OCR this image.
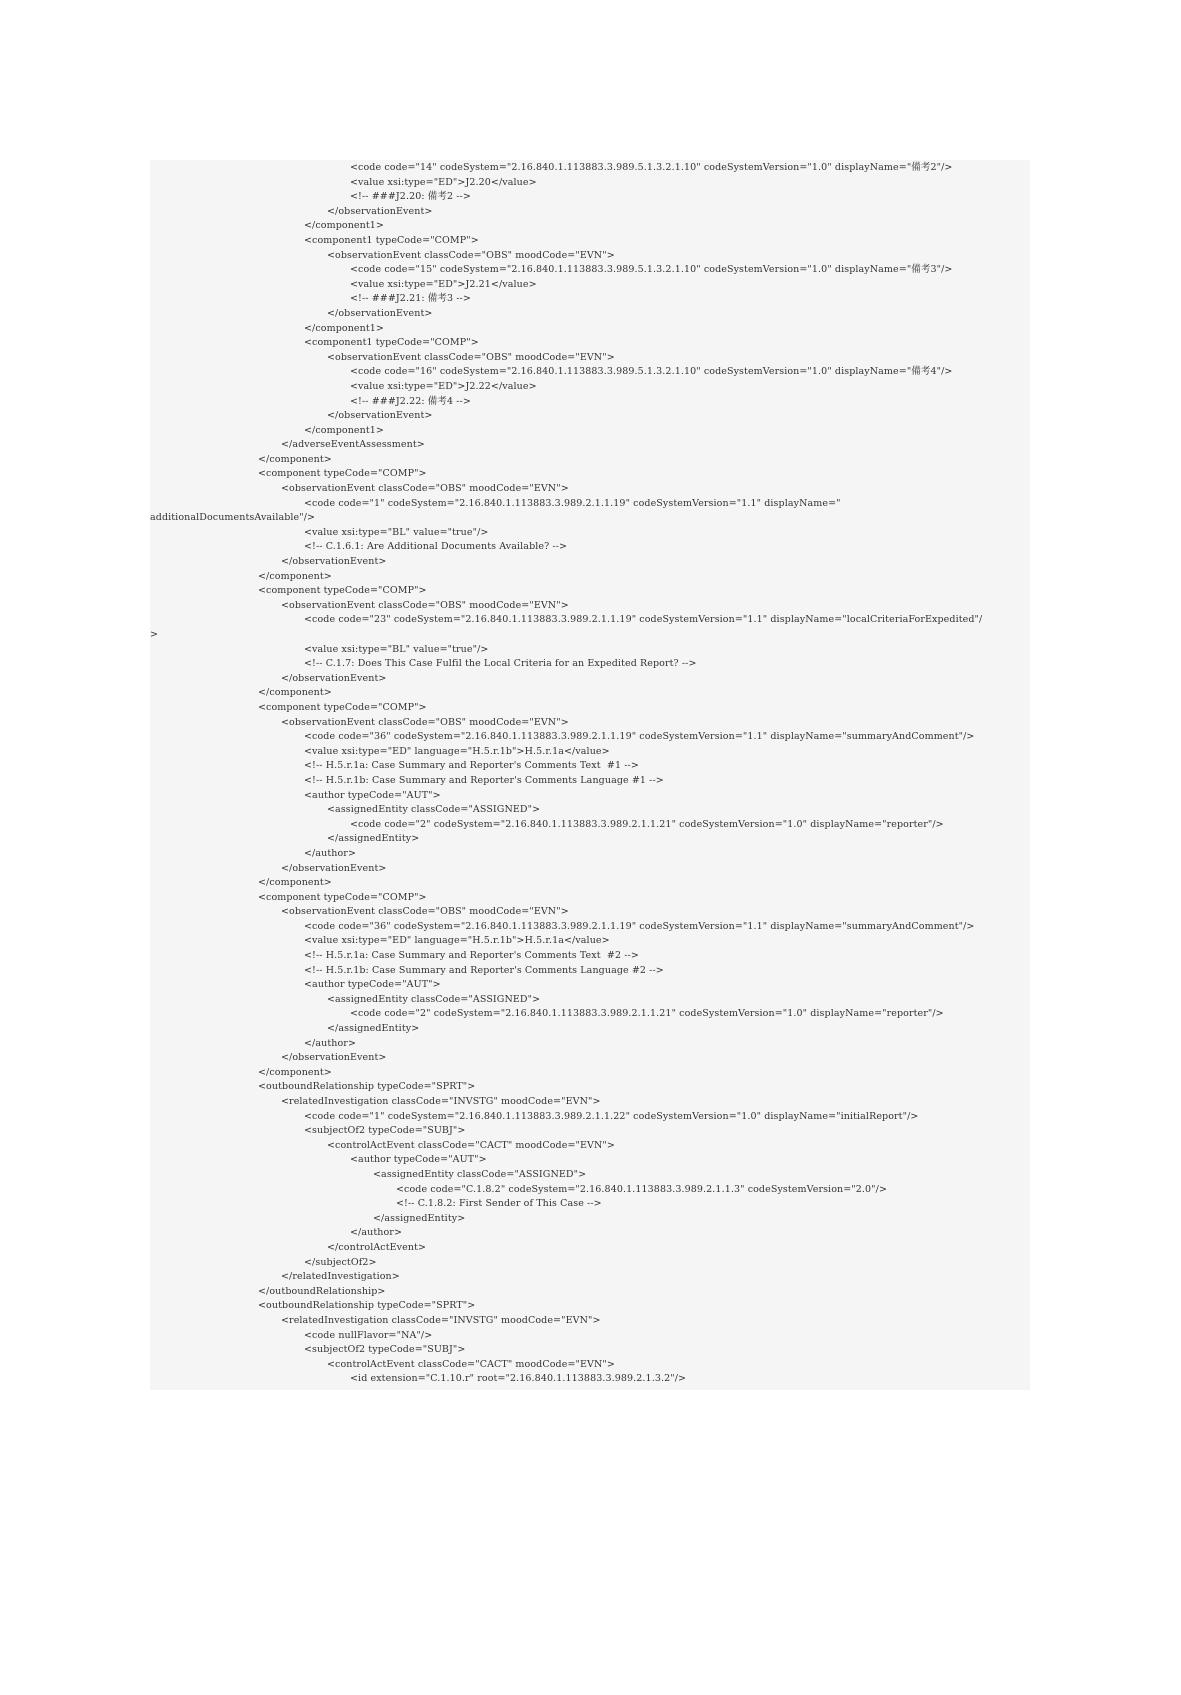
<code code="14" codeSystem="2.16.840.1.113883.3.989.5.1.3.2.1.10" codeSystemVersion="1.0" displayName="備考2"/>
<value xsi:type="ED">J2.20</value>
<!-- ###J2.20: 備考2 -->
</observationEvent>
</component1>
<component1 typeCode="COMP">
<observationEvent classCode="OBS" moodCode="EVN">
<code code="15" codeSystem="2.16.840.1.113883.3.989.5.1.3.2.1.10" codeSystemVersion="1.0" displayName="備考3"/>
<value xsi:type="ED">J2.21</value>
<!-- ###J2.21: 備考3 -->
</observationEvent>
</component1>
<component1 typeCode="COMP">
<observationEvent classCode="OBS" moodCode="EVN">
<code code="16" codeSystem="2.16.840.1.113883.3.989.5.1.3.2.1.10" codeSystemVersion="1.0" displayName="備考4"/>
<value xsi:type="ED">J2.22</value>
<!-- ###J2.22: 備考4 -->
</observationEvent>
</component1>
</adverseEventAssessment>
</component>
<component typeCode="COMP">
<observationEvent classCode="OBS" moodCode="EVN">
<code code="1" codeSystem="2.16.840.1.113883.3.989.2.1.1.19" codeSystemVersion="1.1" displayName="
additionalDocumentsAvailable"/>
<value xsi:type="BL" value="true"/>
<!-- C.1.6.1: Are Additional Documents Available? -->
</observationEvent>
</component>
<component typeCode="COMP">
<observationEvent classCode="OBS" moodCode="EVN">
<code code="23" codeSystem="2.16.840.1.113883.3.989.2.1.1.19" codeSystemVersion="1.1" displayName="localCriteriaForExpedited"/
>
<value xsi:type="BL" value="true"/>
<!-- C.1.7: Does This Case Fulfil the Local Criteria for an Expedited Report? -->
</observationEvent>
</component>
<component typeCode="COMP">
<observationEvent classCode="OBS" moodCode="EVN">
<code code="36" codeSystem="2.16.840.1.113883.3.989.2.1.1.19" codeSystemVersion="1.1" displayName="summaryAndComment"/>
<value xsi:type="ED" language="H.5.r.1b">H.5.r.1a</value>
<!-- H.5.r.1a: Case Summary and Reporter's Comments Text  #1 -->
<!-- H.5.r.1b: Case Summary and Reporter's Comments Language #1 -->
<author typeCode="AUT">
<assignedEntity classCode="ASSIGNED">
<code code="2" codeSystem="2.16.840.1.113883.3.989.2.1.1.21" codeSystemVersion="1.0" displayName="reporter"/>
</assignedEntity>
</author>
</observationEvent>
</component>
<component typeCode="COMP">
<observationEvent classCode="OBS" moodCode="EVN">
<code code="36" codeSystem="2.16.840.1.113883.3.989.2.1.1.19" codeSystemVersion="1.1" displayName="summaryAndComment"/>
<value xsi:type="ED" language="H.5.r.1b">H.5.r.1a</value>
<!-- H.5.r.1a: Case Summary and Reporter's Comments Text  #2 -->
<!-- H.5.r.1b: Case Summary and Reporter's Comments Language #2 -->
<author typeCode="AUT">
<assignedEntity classCode="ASSIGNED">
<code code="2" codeSystem="2.16.840.1.113883.3.989.2.1.1.21" codeSystemVersion="1.0" displayName="reporter"/>
</assignedEntity>
</author>
</observationEvent>
</component>
<outboundRelationship typeCode="SPRT">
<relatedInvestigation classCode="INVSTG" moodCode="EVN">
<code code="1" codeSystem="2.16.840.1.113883.3.989.2.1.1.22" codeSystemVersion="1.0" displayName="initialReport"/>
<subjectOf2 typeCode="SUBJ">
<controlActEvent classCode="CACT" moodCode="EVN">
<author typeCode="AUT">
<assignedEntity classCode="ASSIGNED">
<code code="C.1.8.2" codeSystem="2.16.840.1.113883.3.989.2.1.1.3" codeSystemVersion="2.0"/>
<!-- C.1.8.2: First Sender of This Case -->
</assignedEntity>
</author>
</controlActEvent>
</subjectOf2>
</relatedInvestigation>
</outboundRelationship>
<outboundRelationship typeCode="SPRT">
<relatedInvestigation classCode="INVSTG" moodCode="EVN">
<code nullFlavor="NA"/>
<subjectOf2 typeCode="SUBJ">
<controlActEvent classCode="CACT" moodCode="EVN">
<id extension="C.1.10.r" root="2.16.840.1.113883.3.989.2.1.3.2"/>
